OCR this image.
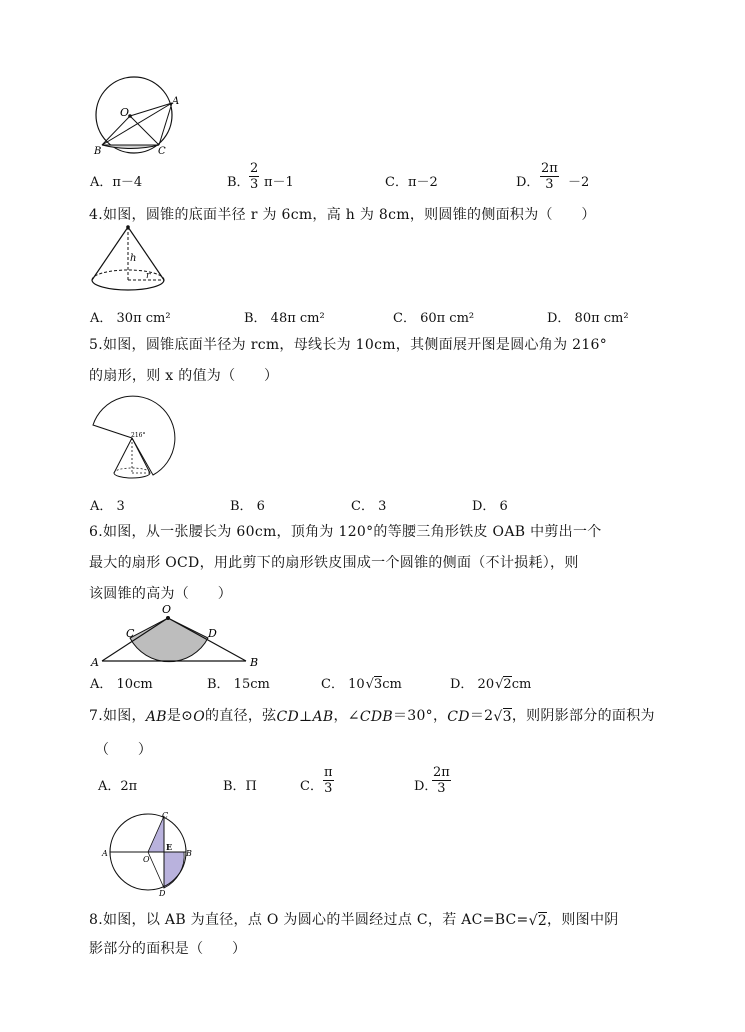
O
A
B	C
A．π－4	B． $\frac{2}{3} \pi-1$	C．π－2	D． $\frac{2\pi}{3} -2$
4.如图，圆锥的底面半径 r 为 6cm，高 h 为 8cm，则圆锥的侧面积为（　　）
h
r
A． 30π cm²	B． 48π cm²	C． 60π cm²	D． 80π cm²
5.如图，圆锥底面半径为 rcm，母线长为 10cm，其侧面展开图是圆心角为 216°
的扇形，则 x 的值为（　　）
216°
A． 3	B． 6	C． 3	D． 6
6.如图，从一张腰长为 60cm，顶角为 120°的等腰三角形铁皮 OAB 中剪出一个
最大的扇形 OCD，用此剪下的扇形铁皮围成一个圆锥的侧面（不计损耗），则
该圆锥的高为（　　）
O
C	D
A	B
A． 10cm	B． 15cm	C． 10 √ 3 cm	D． 20 √ 2 cm
7.如图， AB 是⊙ O 的直径，弦 CD ⊥ AB ，∠ CDB ＝30°， CD ＝2 √ 3 ，则阴影部分的面积为
（　　）
A．2π	B．Π	C． $\frac{\pi}{3}$	D．
$\frac{2\pi}{3}$
A	B
C
D
O
E
8.如图，以 AB 为直径，点 O 为圆心的半圆经过点 C，若 AC=BC= √ 2 ，则图中阴
影部分的面积是（　　）
